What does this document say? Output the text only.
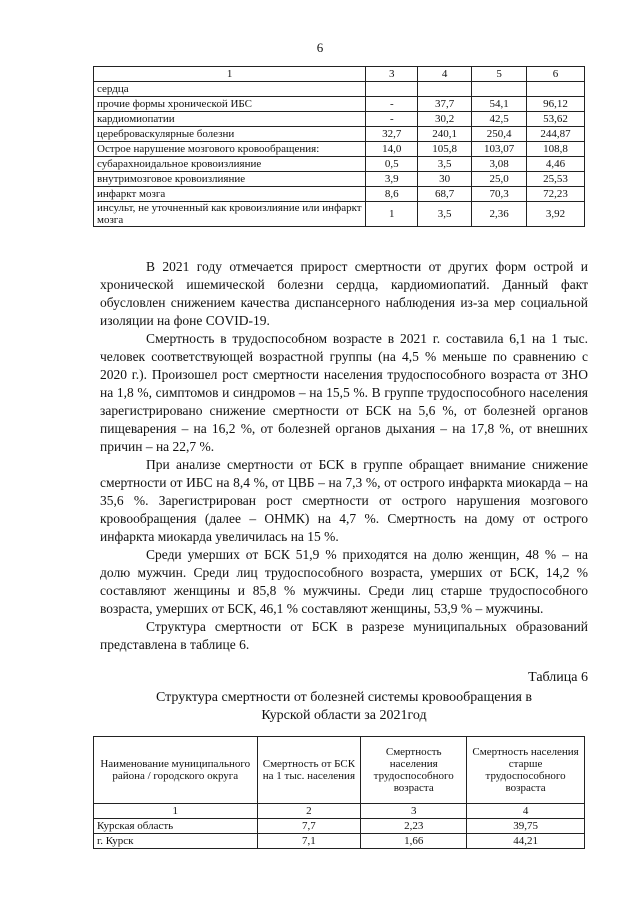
6
1	3	4	5	6
сердца				
прочие формы хронической ИБС	-	37,7	54,1	96,12
кардиомиопатии	-	30,2	42,5	53,62
цереброваскулярные болезни	32,7	240,1	250,4	244,87
Острое нарушение мозгового кровообращения:	14,0	105,8	103,07	108,8
субарахноидальное кровоизлияние	0,5	3,5	3,08	4,46
внутримозговое кровоизлияние	3,9	30	25,0	25,53
инфаркт мозга	8,6	68,7	70,3	72,23
инсульт, не уточненный как кровоизлияние или инфаркт мозга	1	3,5	2,36	3,92

В 2021 году отмечается прирост смертности от других форм острой и хронической ишемической болезни сердца, кардиомиопатий. Данный факт обусловлен снижением качества диспансерного наблюдения из-за мер социальной изоляции на фоне COVID-19.

Смертность в трудоспособном возрасте в 2021 г. составила 6,1 на 1 тыс. человек соответствующей возрастной группы (на 4,5 % меньше по сравнению с 2020 г.). Произошел рост смертности населения трудоспособного возраста от ЗНО на 1,8 %, симптомов и синдромов – на 15,5 %. В группе трудоспособного населения зарегистрировано снижение смертности от БСК на 5,6 %, от болезней органов пищеварения – на 16,2 %, от болезней органов дыхания – на 17,8 %, от внешних причин – на 22,7 %.

При анализе смертности от БСК в группе обращает внимание снижение смертности от ИБС на 8,4 %, от ЦВБ – на 7,3 %, от острого инфаркта миокарда – на 35,6 %. Зарегистрирован рост смертности от острого нарушения мозгового кровообращения (далее – ОНМК) на 4,7 %. Смертность на дому от острого инфаркта миокарда увеличилась на 15 %.

Среди умерших от БСК 51,9 % приходятся на долю женщин, 48 % – на долю мужчин. Среди лиц трудоспособного возраста, умерших от БСК, 14,2 % составляют женщины и 85,8 % мужчины. Среди лиц старше трудоспособного возраста, умерших от БСК, 46,1 % составляют женщины, 53,9 % – мужчины.

Структура смертности от БСК в разрезе муниципальных образований представлена в таблице 6.

Таблица 6
Структура смертности от болезней системы кровообращения в
Курской области за 2021год
Наименование муниципального района / городского округа	Смертность от БСК на 1 тыс. населения	Смертность населения трудоспособного возраста	Смертность населения старше трудоспособного возраста
1	2	3	4
Курская область	7,7	2,23	39,75
г. Курск	7,1	1,66	44,21
